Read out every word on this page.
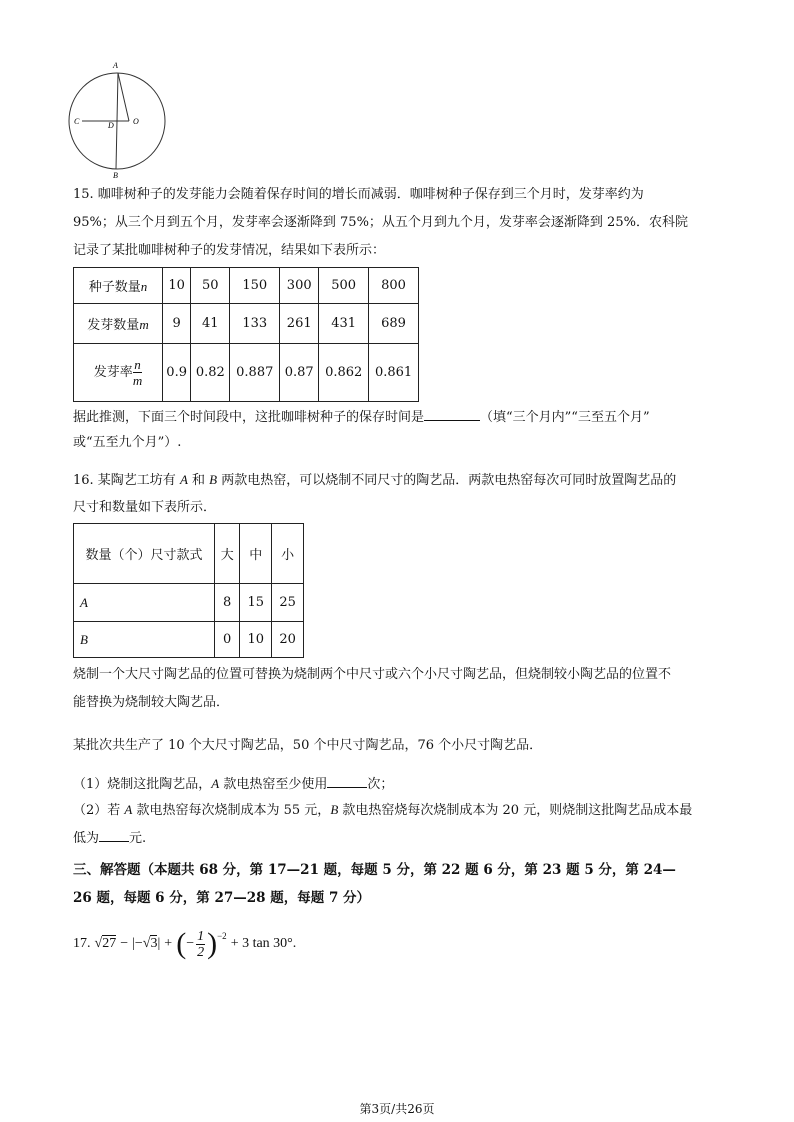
A
C	D O
B
15. 咖啡树种子的发芽能力会随着保存时间的增长而减弱．咖啡树种子保存到三个月时，发芽率约为
95%；从三个月到五个月，发芽率会逐渐降到 75%；从五个月到九个月，发芽率会逐渐降到 25%．农科院
记录了某批咖啡树种子的发芽情况，结果如下表所示：
种子数量n	10	50	150	300	500	800
发芽数量m	9	41	133	261	431	689
发芽率 $\frac{n}{m}$	0.9	0.82	0.887	0.87	0.862	0.861
据此推测，下面三个时间段中，这批咖啡树种子的保存时间是	（填“三个月内”“三至五个月”
或“五至九个月”）.
16. 某陶艺工坊有 A 和 B 两款电热窑，可以烧制不同尺寸的陶艺品．两款电热窑每次可同时放置陶艺品的
尺寸和数量如下表所示．
数量（个）尺寸款式	大	中	小
A	8	15	25
B	0	10	20
烧制一个大尺寸陶艺品的位置可替换为烧制两个中尺寸或六个小尺寸陶艺品，但烧制较小陶艺品的位置不
能替换为烧制较大陶艺品．
某批次共生产了 10 个大尺寸陶艺品，50 个中尺寸陶艺品，76 个小尺寸陶艺品．
（1）烧制这批陶艺品，A 款电热窑至少使用	次；
（2）若 A 款电热窑每次烧制成本为 55 元，B 款电热窑烧每次烧制成本为 20 元，则烧制这批陶艺品成本最
低为 元.
三、解答题（本题共 68 分，第 17—21 题，每题 5 分，第 22 题 6 分，第 23 题 5 分，第 24—
26 题，每题 6 分，第 27—28 题，每题 7 分）
17. √27 − |−√3| + ( − $\frac{1}{2}$ ) −2
+ 3 tan 30° .
第3页/共26页
